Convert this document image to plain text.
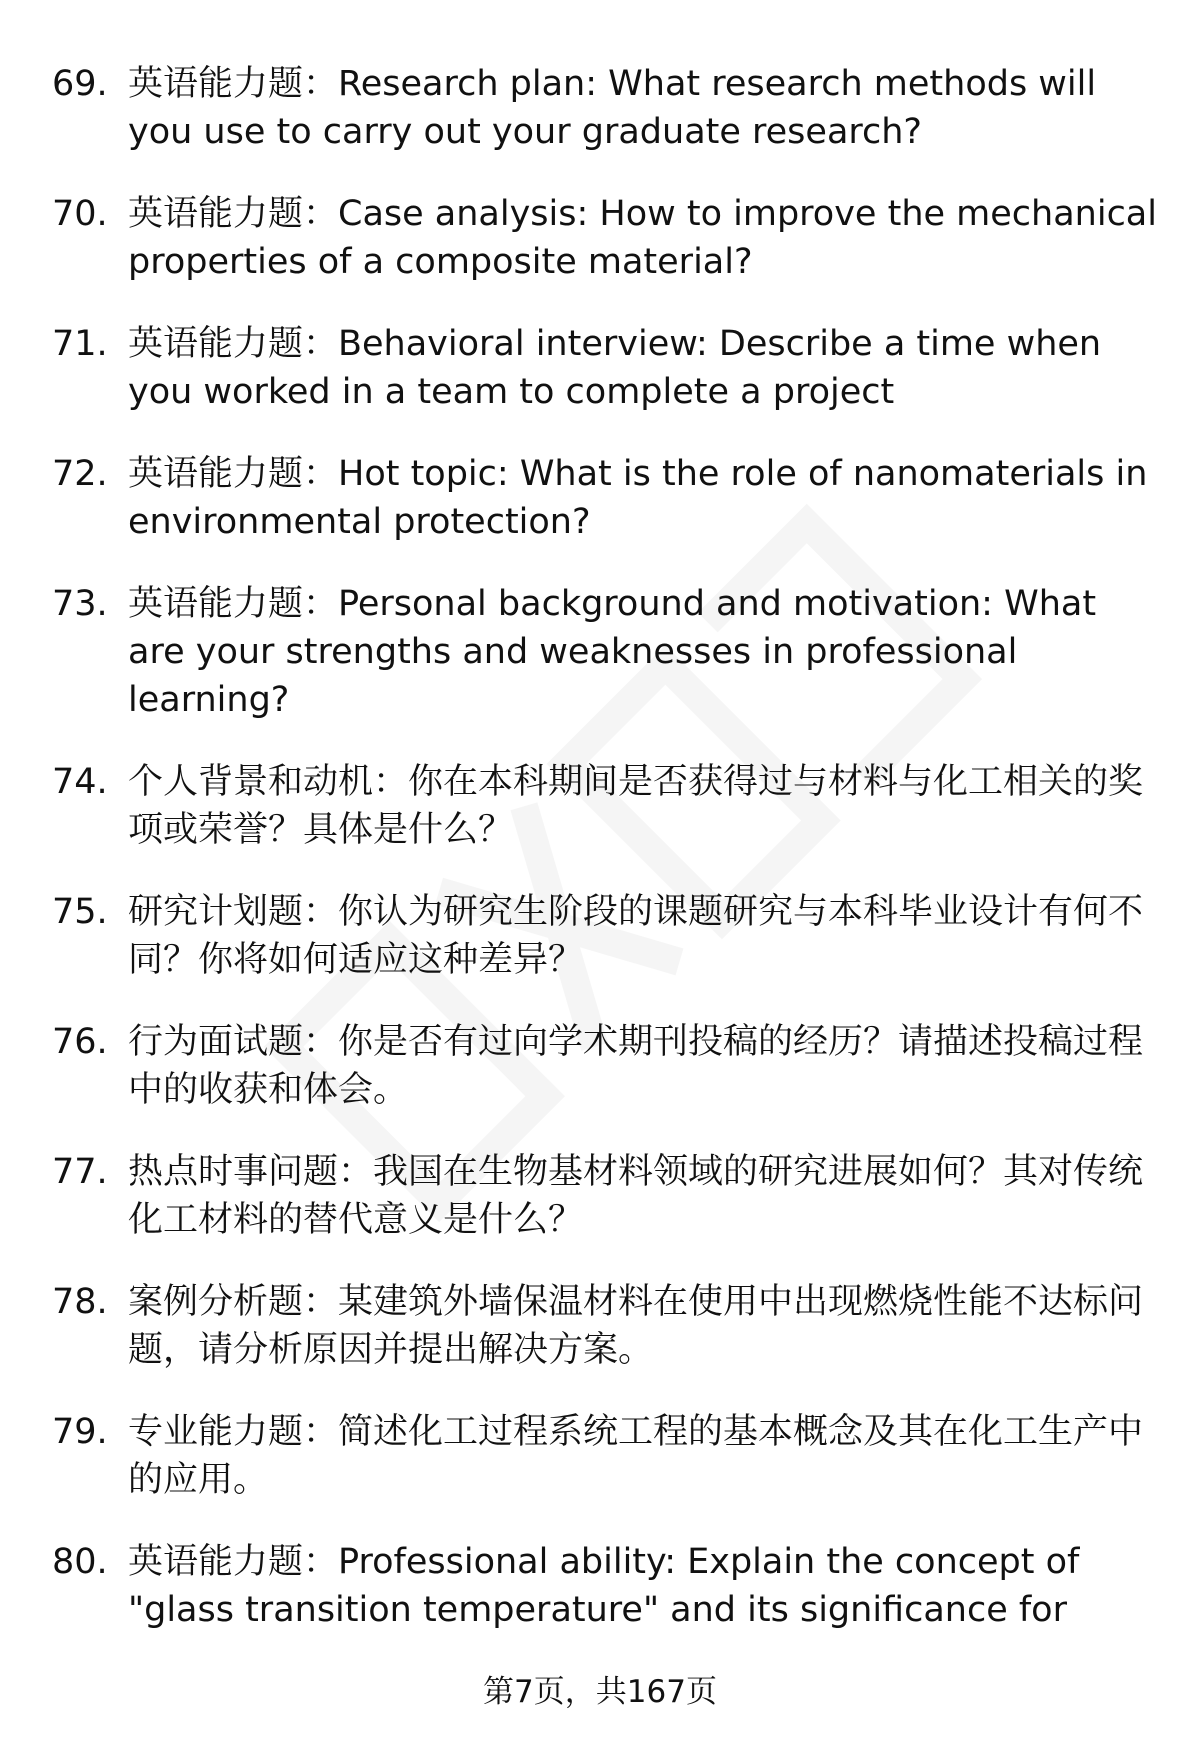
69. 英语能力题：Research plan: What research methods will you use to carry out your graduate research?
70. 英语能力题：Case analysis: How to improve the mechanical properties of a composite material?
71. 英语能力题：Behavioral interview: Describe a time when you worked in a team to complete a project
72. 英语能力题：Hot topic: What is the role of nanomaterials in environmental protection?
73. 英语能力题：Personal background and motivation: What are your strengths and weaknesses in professional learning?
74. 个人背景和动机：你在本科期间是否获得过与材料与化工相关的奖项或荣誉？具体是什么？
75. 研究计划题：你认为研究生阶段的课题研究与本科毕业设计有何不同？你将如何适应这种差异？
76. 行为面试题：你是否有过向学术期刊投稿的经历？请描述投稿过程中的收获和体会。
77. 热点时事问题：我国在生物基材料领域的研究进展如何？其对传统化工材料的替代意义是什么？
78. 案例分析题：某建筑外墙保温材料在使用中出现燃烧性能不达标问题，请分析原因并提出解决方案。
79. 专业能力题：简述化工过程系统工程的基本概念及其在化工生产中的应用。
80. 英语能力题：Professional ability: Explain the concept of "glass transition temperature" and its significance for
第7页，共167页
